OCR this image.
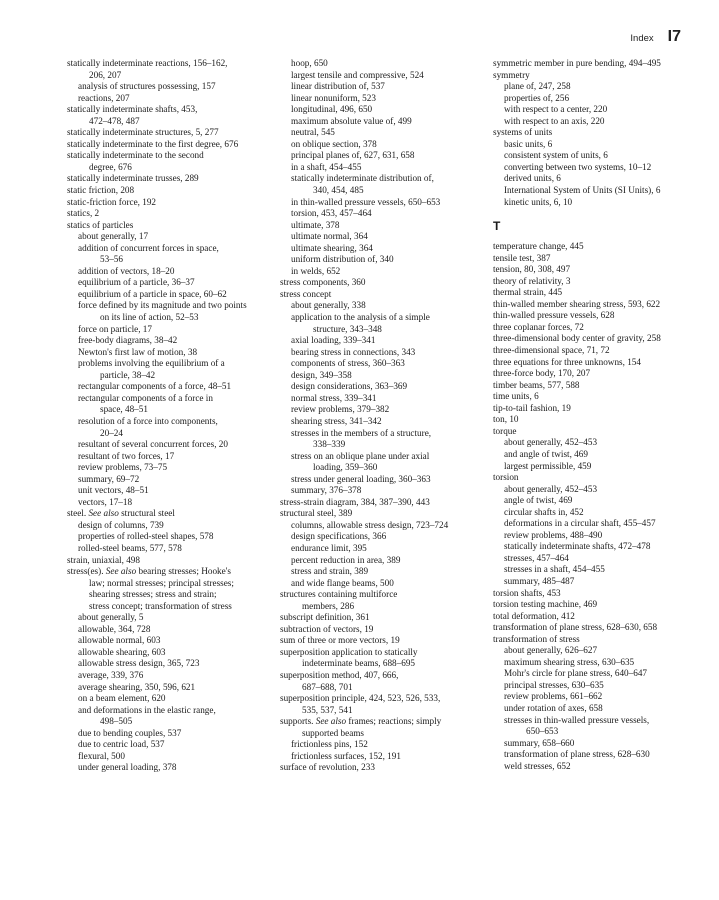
Index I7
statically indeterminate reactions, 156–162,
206, 207
analysis of structures possessing, 157
reactions, 207
statically indeterminate shafts, 453,
472–478, 487
statically indeterminate structures, 5, 277
statically indeterminate to the first degree, 676
statically indeterminate to the second
degree, 676
statically indeterminate trusses, 289
static friction, 208
static-friction force, 192
statics, 2
statics of particles
about generally, 17
addition of concurrent forces in space,
53–56
addition of vectors, 18–20
equilibrium of a particle, 36–37
equilibrium of a particle in space, 60–62
force defined by its magnitude and two points
on its line of action, 52–53
force on particle, 17
free-body diagrams, 38–42
Newton's first law of motion, 38
problems involving the equilibrium of a
particle, 38–42
rectangular components of a force, 48–51
rectangular components of a force in
space, 48–51
resolution of a force into components,
20–24
resultant of several concurrent forces, 20
resultant of two forces, 17
review problems, 73–75
summary, 69–72
unit vectors, 48–51
vectors, 17–18
steel. See also structural steel
design of columns, 739
properties of rolled-steel shapes, 578
rolled-steel beams, 577, 578
strain, uniaxial, 498
stress(es). See also bearing stresses; Hooke's
law; normal stresses; principal stresses;
shearing stresses; stress and strain;
stress concept; transformation of stress
about generally, 5
allowable, 364, 728
allowable normal, 603
allowable shearing, 603
allowable stress design, 365, 723
average, 339, 376
average shearing, 350, 596, 621
on a beam element, 620
and deformations in the elastic range,
498–505
due to bending couples, 537
due to centric load, 537
flexural, 500
under general loading, 378
hoop, 650
largest tensile and compressive, 524
linear distribution of, 537
linear nonuniform, 523
longitudinal, 496, 650
maximum absolute value of, 499
neutral, 545
on oblique section, 378
principal planes of, 627, 631, 658
in a shaft, 454–455
statically indeterminate distribution of,
340, 454, 485
in thin-walled pressure vessels, 650–653
torsion, 453, 457–464
ultimate, 378
ultimate normal, 364
ultimate shearing, 364
uniform distribution of, 340
in welds, 652
stress components, 360
stress concept
about generally, 338
application to the analysis of a simple
structure, 343–348
axial loading, 339–341
bearing stress in connections, 343
components of stress, 360–363
design, 349–358
design considerations, 363–369
normal stress, 339–341
review problems, 379–382
shearing stress, 341–342
stresses in the members of a structure,
338–339
stress on an oblique plane under axial
loading, 359–360
stress under general loading, 360–363
summary, 376–378
stress-strain diagram, 384, 387–390, 443
structural steel, 389
columns, allowable stress design, 723–724
design specifications, 366
endurance limit, 395
percent reduction in area, 389
stress and strain, 389
and wide flange beams, 500
structures containing multiforce
members, 286
subscript definition, 361
subtraction of vectors, 19
sum of three or more vectors, 19
superposition application to statically
indeterminate beams, 688–695
superposition method, 407, 666,
687–688, 701
superposition principle, 424, 523, 526, 533,
535, 537, 541
supports. See also frames; reactions; simply
supported beams
frictionless pins, 152
frictionless surfaces, 152, 191
surface of revolution, 233
symmetric member in pure bending, 494–495
symmetry
plane of, 247, 258
properties of, 256
with respect to a center, 220
with respect to an axis, 220
systems of units
basic units, 6
consistent system of units, 6
converting between two systems, 10–12
derived units, 6
International System of Units (SI Units), 6
kinetic units, 6, 10
T
temperature change, 445
tensile test, 387
tension, 80, 308, 497
theory of relativity, 3
thermal strain, 445
thin-walled member shearing stress, 593, 622
thin-walled pressure vessels, 628
three coplanar forces, 72
three-dimensional body center of gravity, 258
three-dimensional space, 71, 72
three equations for three unknowns, 154
three-force body, 170, 207
timber beams, 577, 588
time units, 6
tip-to-tail fashion, 19
ton, 10
torque
about generally, 452–453
and angle of twist, 469
largest permissible, 459
torsion
about generally, 452–453
angle of twist, 469
circular shafts in, 452
deformations in a circular shaft, 455–457
review problems, 488–490
statically indeterminate shafts, 472–478
stresses, 457–464
stresses in a shaft, 454–455
summary, 485–487
torsion shafts, 453
torsion testing machine, 469
total deformation, 412
transformation of plane stress, 628–630, 658
transformation of stress
about generally, 626–627
maximum shearing stress, 630–635
Mohr's circle for plane stress, 640–647
principal stresses, 630–635
review problems, 661–662
under rotation of axes, 658
stresses in thin-walled pressure vessels,
650–653
summary, 658–660
transformation of plane stress, 628–630
weld stresses, 652
